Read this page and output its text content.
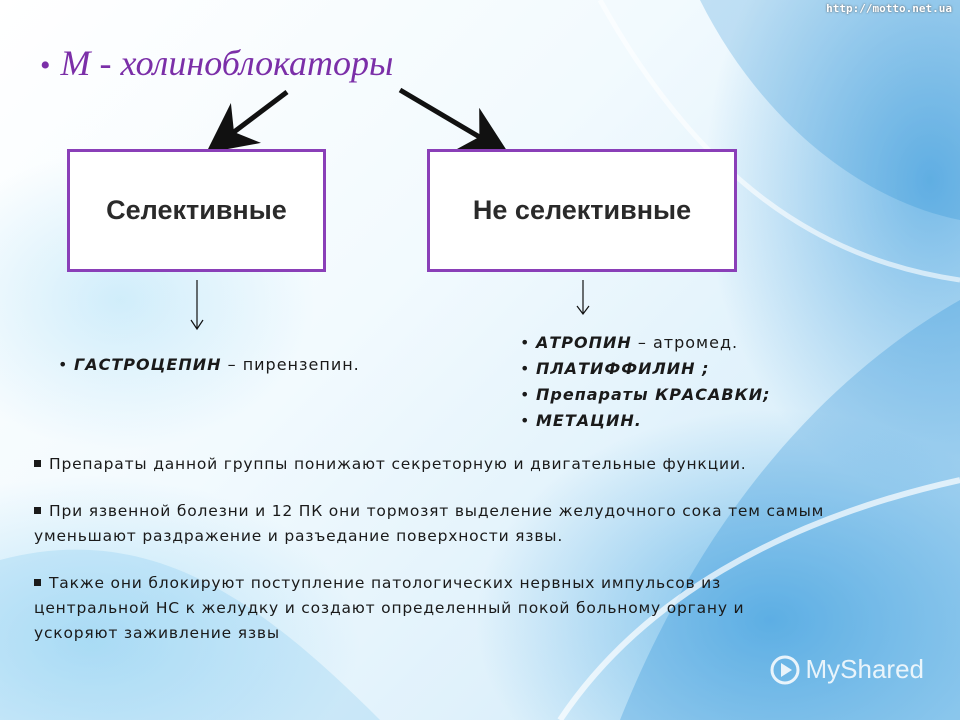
http://motto.net.ua
• М - холиноблокаторы
Селективные	Не селективные
• ГАСТРОЦЕПИН – пирензепин.
• АТРОПИН – атромед.
• ПЛАТИФФИЛИН ;
• Препараты КРАСАВКИ;
• МЕТАЦИН.

Препараты данной группы понижают секреторную и двигательные функции.

При язвенной болезни и 12 ПК они тормозят выделение желудочного сока тем самым уменьшают раздражение и разъедание поверхности язвы.

Также они блокируют поступление патологических нервных импульсов из центральной НС к желудку и создают определенный покой больному органу и ускоряют заживление язвы

MyShared
